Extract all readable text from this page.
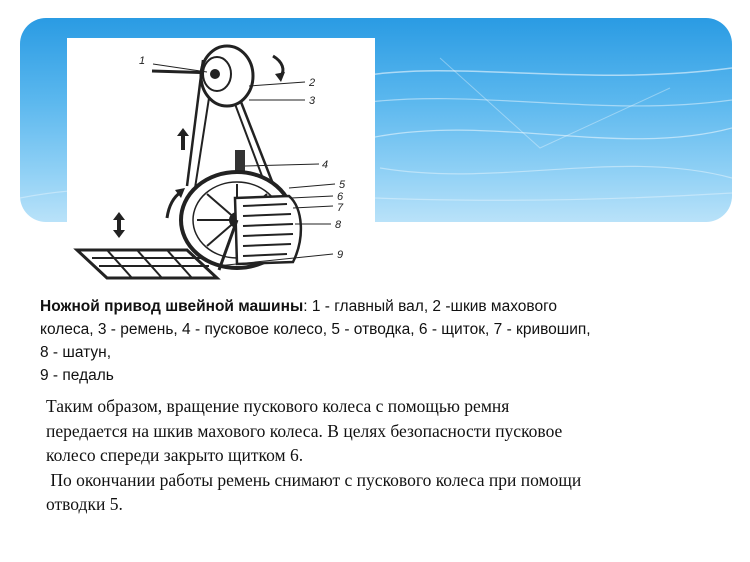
1
2
3
4
5
6
7
8
9
Ножной привод швейной машины: 1 - главный вал, 2 -шкив махового
колеса, 3 - ремень, 4 - пусковое колесо, 5 - отводка, 6 - щиток, 7 - кривошип,
8 - шатун,
9 - педаль
Таким образом, вращение пускового колеса с помощью ремня
передается на шкив махового колеса. В целях безопасности пусковое
колесо спереди закрыто щитком 6.
По окончании работы ремень снимают с пускового колеса при помощи
отводки 5.
